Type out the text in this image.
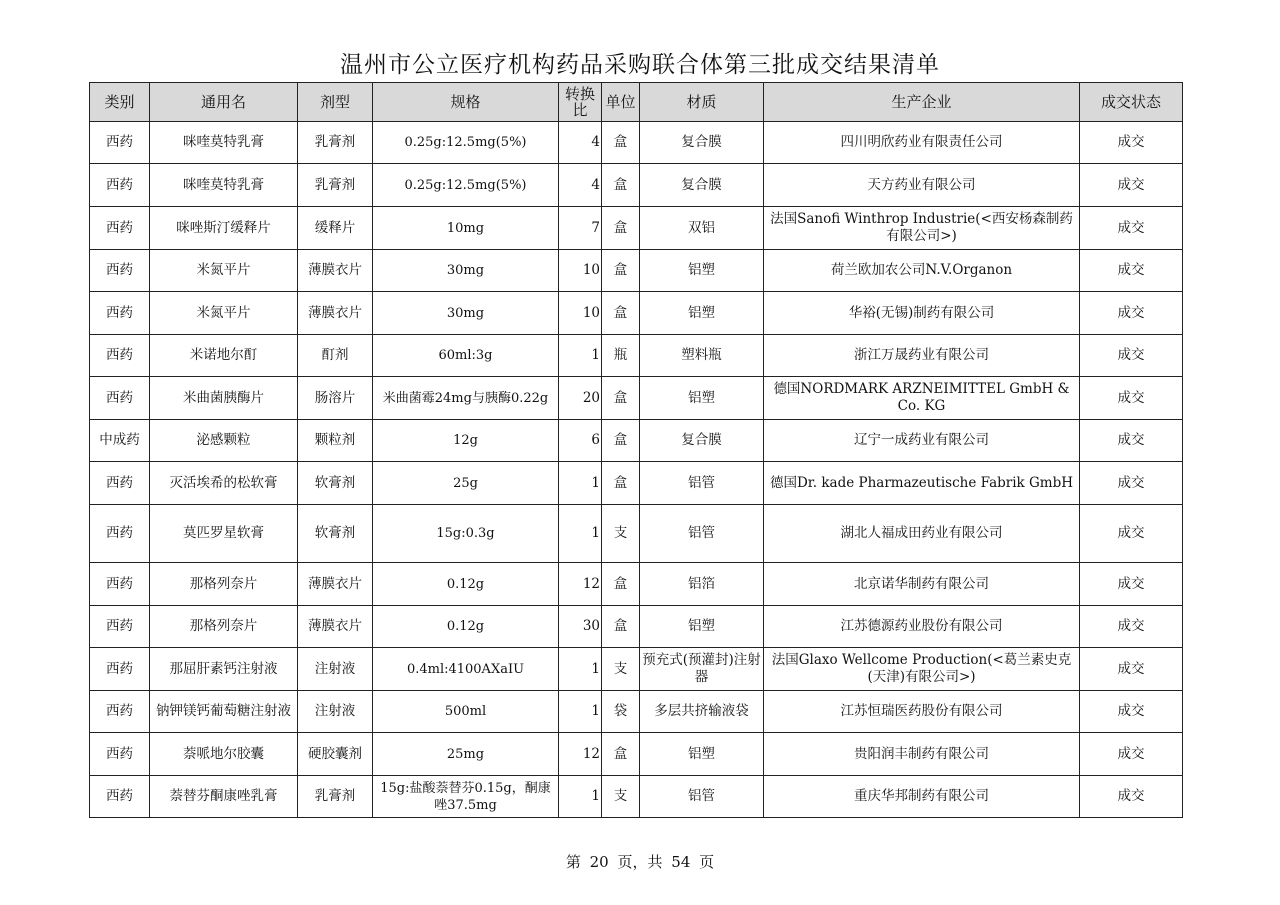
温州市公立医疗机构药品采购联合体第三批成交结果清单
类别	通用名	剂型	规格	转换比	单位	材质	生产企业	成交状态
西药	咪喹莫特乳膏	乳膏剂	0.25g:12.5mg(5%)	4	盒	复合膜	四川明欣药业有限责任公司	成交
西药	咪喹莫特乳膏	乳膏剂	0.25g:12.5mg(5%)	4	盒	复合膜	天方药业有限公司	成交
西药	咪唑斯汀缓释片	缓释片	10mg	7	盒	双铝	法国Sanofi Winthrop Industrie(<西安杨森制药有限公司>)	成交
西药	米氮平片	薄膜衣片	30mg	10	盒	铝塑	荷兰欧加农公司N.V.Organon	成交
西药	米氮平片	薄膜衣片	30mg	10	盒	铝塑	华裕(无锡)制药有限公司	成交
西药	米诺地尔酊	酊剂	60ml:3g	1	瓶	塑料瓶	浙江万晟药业有限公司	成交
西药	米曲菌胰酶片	肠溶片	米曲菌霉24mg与胰酶0.22g	20	盒	铝塑	德国NORDMARK ARZNEIMITTEL GmbH & Co. KG	成交
中成药	泌感颗粒	颗粒剂	12g	6	盒	复合膜	辽宁一成药业有限公司	成交
西药	灭活埃希的松软膏	软膏剂	25g	1	盒	铝管	德国Dr. kade Pharmazeutische Fabrik GmbH	成交
西药	莫匹罗星软膏	软膏剂	15g:0.3g	1	支	铝管	湖北人福成田药业有限公司	成交
西药	那格列奈片	薄膜衣片	0.12g	12	盒	铝箔	北京诺华制药有限公司	成交
西药	那格列奈片	薄膜衣片	0.12g	30	盒	铝塑	江苏德源药业股份有限公司	成交
西药	那屈肝素钙注射液	注射液	0.4ml:4100AXaIU	1	支	预充式(预灌封)注射器	法国Glaxo Wellcome Production(<葛兰素史克(天津)有限公司>)	成交
西药	钠钾镁钙葡萄糖注射液	注射液	500ml	1	袋	多层共挤输液袋	江苏恒瑞医药股份有限公司	成交
西药	萘哌地尔胶囊	硬胶囊剂	25mg	12	盒	铝塑	贵阳润丰制药有限公司	成交
西药	萘替芬酮康唑乳膏	乳膏剂	15g:盐酸萘替芬0.15g，酮康唑37.5mg	1	支	铝管	重庆华邦制药有限公司	成交
第 20 页，共 54 页
